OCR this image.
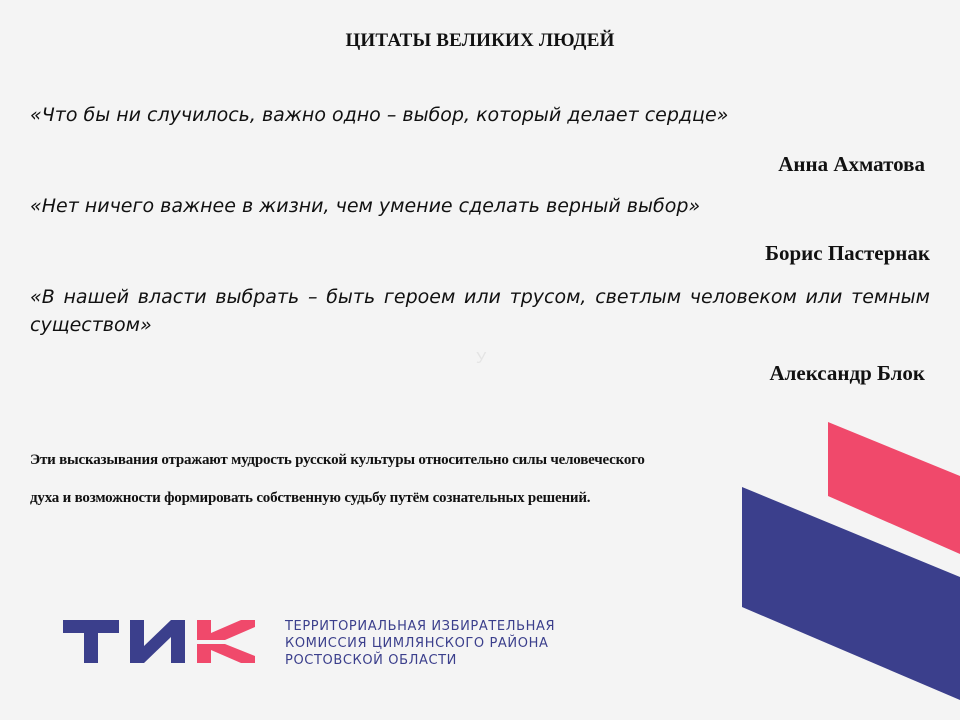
ЦИТАТЫ ВЕЛИКИХ ЛЮДЕЙ
«Что бы ни случилось, важно одно – выбор, который делает сердце»
Анна Ахматова
«Нет ничего важнее в жизни, чем умение сделать верный выбор»
Борис Пастернак
«В нашей власти выбрать – быть героем или трусом, светлым человеком или темным существом»
У
Александр Блок
Эти высказывания отражают мудрость русской культуры относительно силы человеческого
духа и возможности формировать собственную судьбу путём сознательных решений.
ТЕРРИТОРИАЛЬНАЯ ИЗБИРАТЕЛЬНАЯ
КОМИССИЯ ЦИМЛЯНСКОГО РАЙОНА
РОСТОВСКОЙ ОБЛАСТИ
